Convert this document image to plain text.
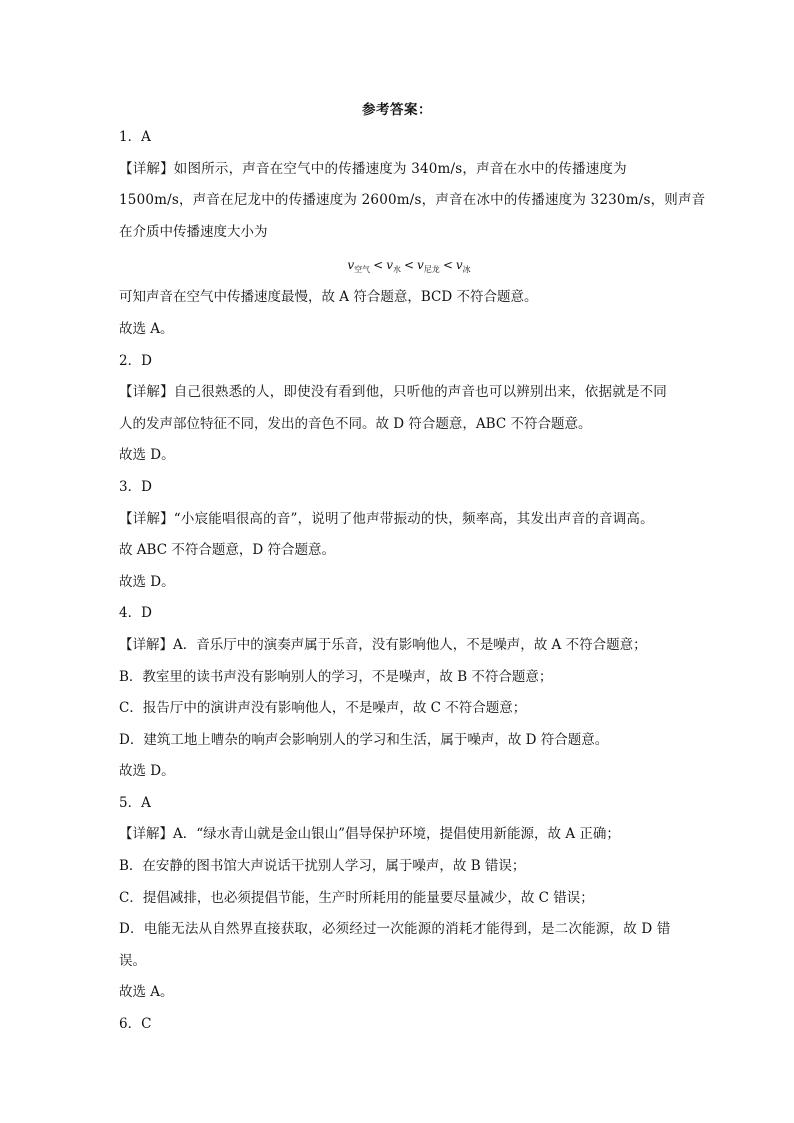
参考答案：
1．A
【详解】如图所示，声音在空气中的传播速度为 340m/s，声音在水中的传播速度为
1500m/s，声音在尼龙中的传播速度为 2600m/s，声音在冰中的传播速度为 3230m/s，则声音
在介质中传播速度大小为
$v_{空气} < v_水 < v_{尼龙} < v_冰$
可知声音在空气中传播速度最慢，故 A 符合题意，BCD 不符合题意。
故选 A。
2．D
【详解】自己很熟悉的人，即使没有看到他，只听他的声音也可以辨别出来，依据就是不同
人的发声部位特征不同，发出的音色不同。故 D 符合题意，ABC 不符合题意。
故选 D。
3．D
【详解】“小宸能唱很高的音”，说明了他声带振动的快，频率高，其发出声音的音调高。
故 ABC 不符合题意，D 符合题意。
故选 D。
4．D
【详解】A．音乐厅中的演奏声属于乐音，没有影响他人，不是噪声，故 A 不符合题意；
B．教室里的读书声没有影响别人的学习，不是噪声，故 B 不符合题意；
C．报告厅中的演讲声没有影响他人，不是噪声，故 C 不符合题意；
D．建筑工地上嘈杂的响声会影响别人的学习和生活，属于噪声，故 D 符合题意。
故选 D。
5．A
【详解】A．“绿水青山就是金山银山”倡导保护环境，提倡使用新能源，故 A 正确；
B．在安静的图书馆大声说话干扰别人学习，属于噪声，故 B 错误；
C．提倡减排，也必须提倡节能，生产时所耗用的能量要尽量减少，故 C 错误；
D．电能无法从自然界直接获取，必须经过一次能源的消耗才能得到，是二次能源，故 D 错
误。
故选 A。
6．C
